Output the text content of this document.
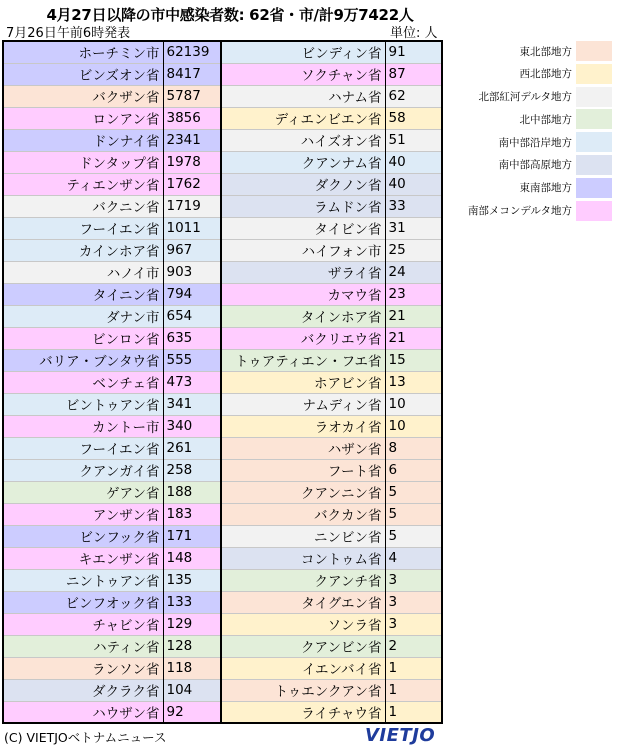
4月27日以降の市中感染者数: 62省・市/計9万7422人
7月26日午前6時発表	単位: 人
ホーチミン市	62139
ビンズオン省	8417
バクザン省	5787
ロンアン省	3856
ドンナイ省	2341
ドンタップ省	1978
ティエンザン省	1762
バクニン省	1719
フーイエン省	1011
カインホア省	967
ハノイ市	903
タイニン省	794
ダナン市	654
ビンロン省	635
バリア・ブンタウ省	555
ベンチェ省	473
ビントゥアン省	341
カントー市	340
フーイエン省	261
クアンガイ省	258
ゲアン省	188
アンザン省	183
ビンフック省	171
キエンザン省	148
ニントゥアン省	135
ビンフオック省	133
チャビン省	129
ハティン省	128
ランソン省	118
ダクラク省	104
ハウザン省	92
ビンディン省	91
ソクチャン省	87
ハナム省	62
ディエンビエン省	58
ハイズオン省	51
クアンナム省	40
ダクノン省	40
ラムドン省	33
タイビン省	31
ハイフォン市	25
ザライ省	24
カマウ省	23
タインホア省	21
バクリエウ省	21
トゥアティエン・フエ省	15
ホアビン省	13
ナムディン省	10
ラオカイ省	10
ハザン省	8
フート省	6
クアンニン省	5
バクカン省	5
ニンビン省	5
コントゥム省	4
クアンチ省	3
タイグエン省	3
ソンラ省	3
クアンビン省	2
イエンバイ省	1
トゥエンクアン省	1
ライチャウ省	1
東北部地方
西北部地方
北部紅河デルタ地方
北中部地方
南中部沿岸地方
南中部高原地方
東南部地方
南部メコンデルタ地方
(C) VIETJOベトナムニュース	VIETJO
